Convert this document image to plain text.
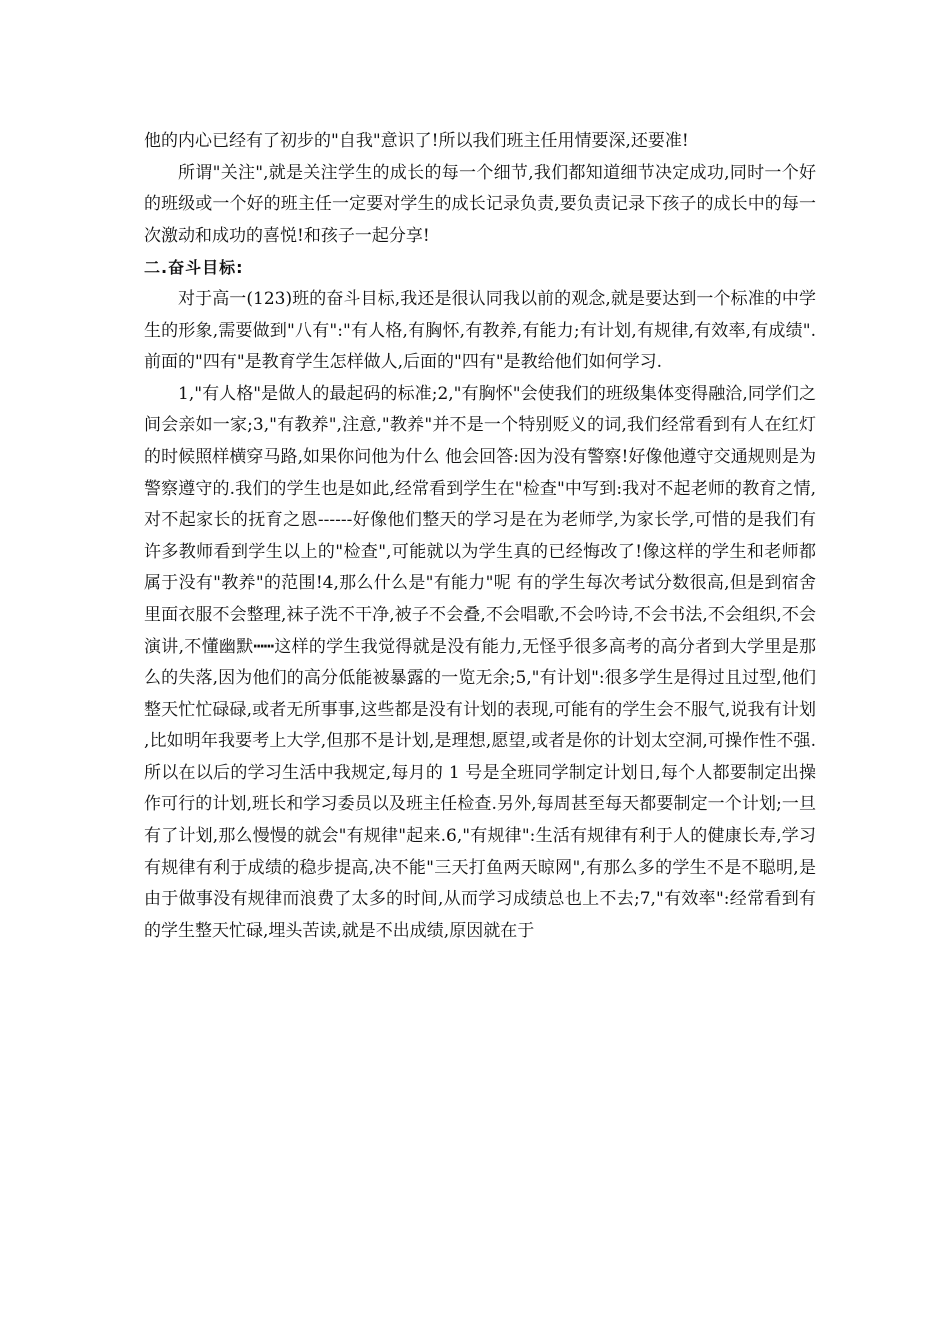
他的内心已经有了初步的"自我"意识了!所以我们班主任用情要深,还要准!

所谓"关注",就是关注学生的成长的每一个细节,我们都知道细节决定成功,同时一个好的班级或一个好的班主任一定要对学生的成长记录负责,要负责记录下孩子的成长中的每一次激动和成功的喜悦!和孩子一起分享!

二.奋斗目标:

对于高一(123)班的奋斗目标,我还是很认同我以前的观念,就是要达到一个标准的中学生的形象,需要做到"八有":"有人格,有胸怀,有教养,有能力;有计划,有规律,有效率,有成绩".前面的"四有"是教育学生怎样做人,后面的"四有"是教给他们如何学习.

1,"有人格"是做人的最起码的标准;2,"有胸怀"会使我们的班级集体变得融洽,同学们之间会亲如一家;3,"有教养",注意,"教养"并不是一个特别贬义的词,我们经常看到有人在红灯的时候照样横穿马路,如果你问他为什么 他会回答:因为没有警察!好像他遵守交通规则是为警察遵守的.我们的学生也是如此,经常看到学生在"检查"中写到:我对不起老师的教育之情,对不起家长的抚育之恩------好像他们整天的学习是在为老师学,为家长学,可惜的是我们有许多教师看到学生以上的"检查",可能就以为学生真的已经悔改了!像这样的学生和老师都属于没有"教养"的范围!4,那么什么是"有能力"呢 有的学生每次考试分数很高,但是到宿舍里面衣服不会整理,袜子洗不干净,被子不会叠,不会唱歌,不会吟诗,不会书法,不会组织,不会演讲,不懂幽默┅┅这样的学生我觉得就是没有能力,无怪乎很多高考的高分者到大学里是那么的失落,因为他们的高分低能被暴露的一览无余;5,"有计划":很多学生是得过且过型,他们整天忙忙碌碌,或者无所事事,这些都是没有计划的表现,可能有的学生会不服气,说我有计划,比如明年我要考上大学,但那不是计划,是理想,愿望,或者是你的计划太空洞,可操作性不强.所以在以后的学习生活中我规定,每月的 1 号是全班同学制定计划日,每个人都要制定出操作可行的计划,班长和学习委员以及班主任检查.另外,每周甚至每天都要制定一个计划;一旦有了计划,那么慢慢的就会"有规律"起来.6,"有规律":生活有规律有利于人的健康长寿,学习有规律有利于成绩的稳步提高,决不能"三天打鱼两天晾网",有那么多的学生不是不聪明,是由于做事没有规律而浪费了太多的时间,从而学习成绩总也上不去;7,"有效率":经常看到有的学生整天忙碌,埋头苦读,就是不出成绩,原因就在于
